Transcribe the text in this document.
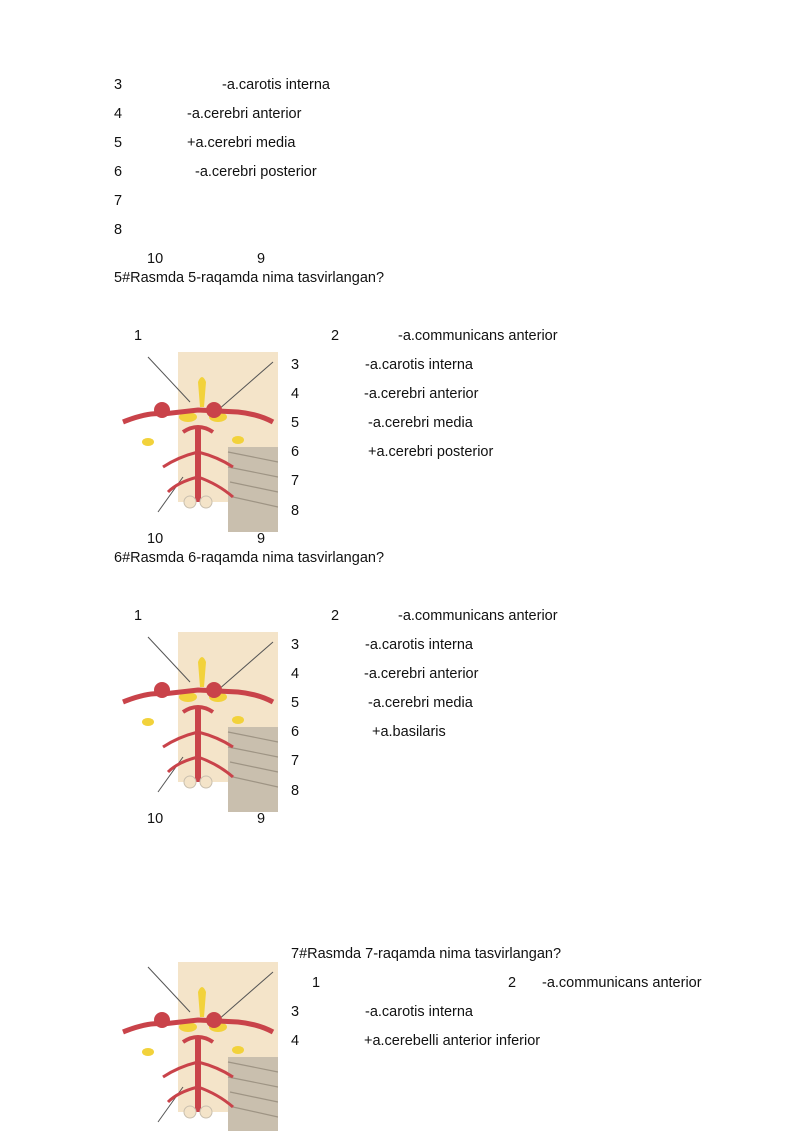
3	-a.carotis interna
4	-a.cerebri anterior
5	+a.cerebri media
6	-a.cerebri posterior
7
8
10	9
5#Rasmda 5-raqamda nima tasvirlangan?
1	2	-a.communicans anterior
3	-a.carotis interna
4	-a.cerebri anterior
5	-a.cerebri media
6	+a.cerebri posterior
7
8
10	9
6#Rasmda 6-raqamda nima tasvirlangan?
1	2	-a.communicans anterior
3	-a.carotis interna
4	-a.cerebri anterior
5	-a.cerebri media
6	+a.basilaris
7
8
10	9
7#Rasmda 7-raqamda nima tasvirlangan?
1	2 -a.communicans anterior
3	-a.carotis interna
4	+a.cerebelli anterior inferior
